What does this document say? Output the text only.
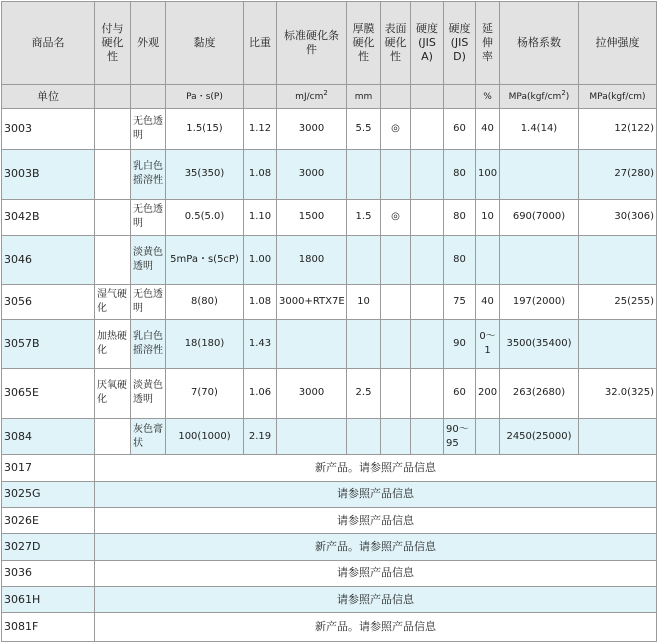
商品名	付与硬化性	外观	黏度	比重	标准硬化条件	厚膜硬化性	表面硬化性	硬度(JIS A)	硬度(JIS D)	延伸率	杨格系数	拉伸强度
单位			Pa・s(P)		$mJ/cm^2$	mm				%	$MPa(kgf/cm^2)$	MPa(kgf/cm)
3003		无色透明	1.5(15)	1.12	3000	5.5	◎		60	40	1.4(14)	12(122)
3003B		乳白色摇溶性	35(350)	1.08	3000				80	100		27(280)
3042B		无色透明	0.5(5.0)	1.10	1500	1.5	◎		80	10	690(7000)	30(306)
3046		淡黄色透明	5mPa・s(5cP)	1.00	1800				80			
3056	湿气硬化	无色透明	8(80)	1.08	3000+RTX7E	10			75	40	197(2000)	25(255)
3057B	加热硬化	乳白色摇溶性	18(180)	1.43					90	0～1	3500(35400)	
3065E	厌氧硬化	淡黄色透明	7(70)	1.06	3000	2.5			60	200	263(2680)	32.0(325)
3084		灰色膏状	100(1000)	2.19					90～95		2450(25000)	
3017	新产品。请参照产品信息											
3025G	请参照产品信息											
3026E	请参照产品信息											
3027D	新产品。请参照产品信息											
3036	请参照产品信息											
3061H	请参照产品信息											
3081F	新产品。请参照产品信息											
